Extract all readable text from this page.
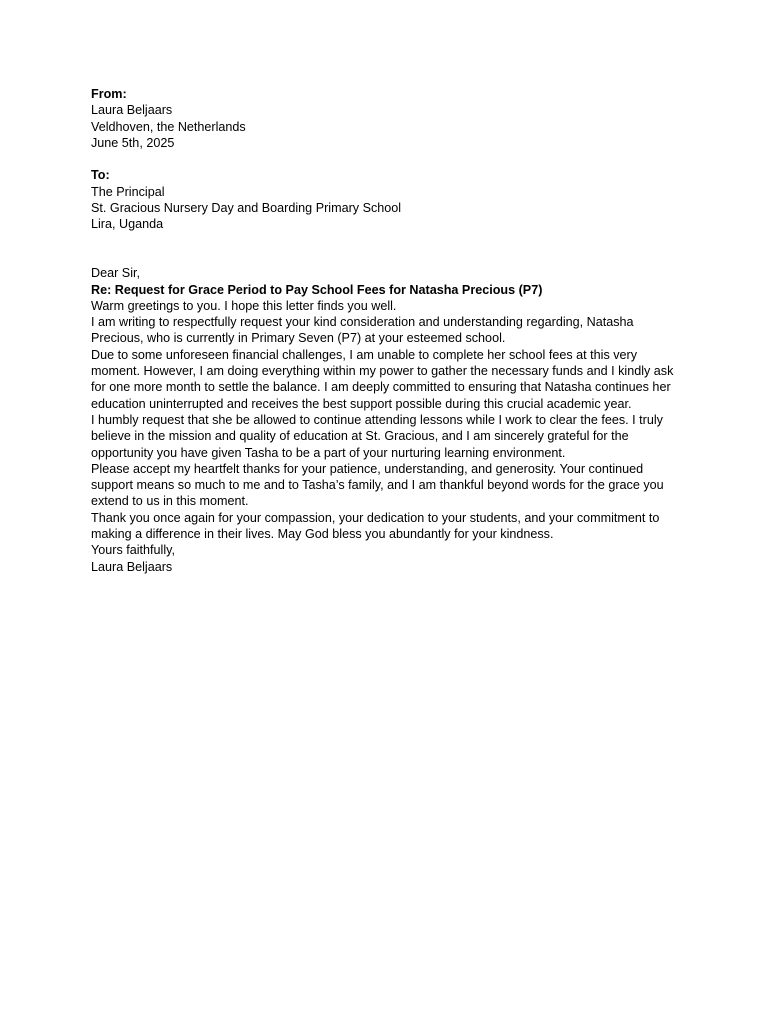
From:

Laura Beljaars

Veldhoven, the Netherlands

June 5th, 2025

To:

The Principal

St. Gracious Nursery Day and Boarding Primary School

Lira, Uganda

Dear Sir,

Re: Request for Grace Period to Pay School Fees for Natasha Precious (P7)

Warm greetings to you. I hope this letter finds you well.

I am writing to respectfully request your kind consideration and understanding regarding, Natasha Precious, who is currently in Primary Seven (P7) at your esteemed school.

Due to some unforeseen financial challenges, I am unable to complete her school fees at this very moment. However, I am doing everything within my power to gather the necessary funds and I kindly ask for one more month to settle the balance. I am deeply committed to ensuring that Natasha continues her education uninterrupted and receives the best support possible during this crucial academic year.

I humbly request that she be allowed to continue attending lessons while I work to clear the fees. I truly believe in the mission and quality of education at St. Gracious, and I am sincerely grateful for the opportunity you have given Tasha to be a part of your nurturing learning environment.

Please accept my heartfelt thanks for your patience, understanding, and generosity. Your continued support means so much to me and to Tasha’s family, and I am thankful beyond words for the grace you extend to us in this moment.

Thank you once again for your compassion, your dedication to your students, and your commitment to making a difference in their lives. May God bless you abundantly for your kindness.

Yours faithfully,

Laura Beljaars
